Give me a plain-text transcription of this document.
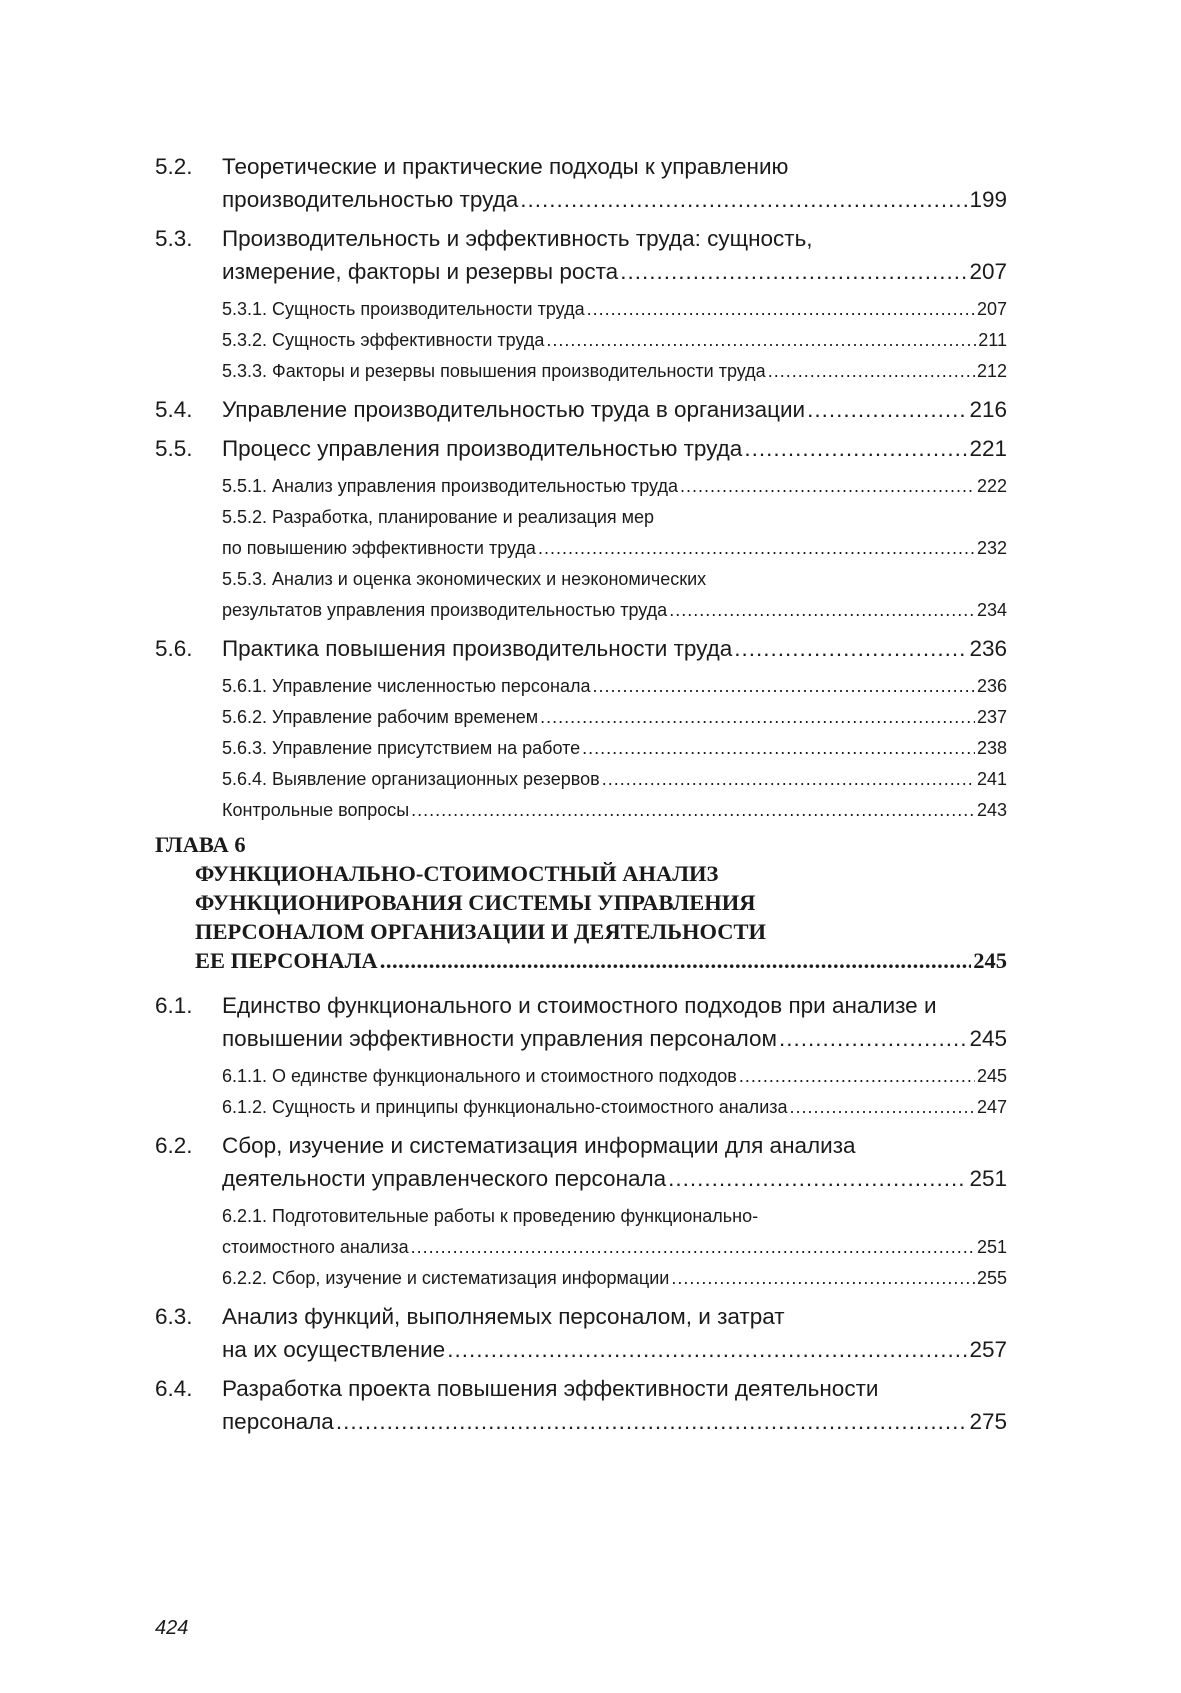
5.2. Теоретические и практические подходы к управлению
производительностью труда .....	199
5.3. Производительность и эффективность труда: сущность,
измерение, факторы и резервы роста .....	207
5.3.1. Сущность производительности труда .....	207
5.3.2. Сущность эффективности труда .....	211
5.3.3. Факторы и резервы повышения производительности труда .....	212
5.4. Управление производительностью труда в организации .....	216
5.5. Процесс управления производительностью труда .....	221
5.5.1. Анализ управления производительностью труда .....	222
5.5.2. Разработка, планирование и реализация мер
по повышению эффективности труда .....	232
5.5.3. Анализ и оценка экономических и неэкономических
результатов управления производительностью труда .....	234
5.6. Практика повышения производительности труда .....	236
5.6.1. Управление численностью персонала .....	236
5.6.2. Управление рабочим временем .....	237
5.6.3. Управление присутствием на работе .....	238
5.6.4. Выявление организационных резервов .....	241
Контрольные вопросы .....	243
ГЛАВА 6
ФУНКЦИОНАЛЬНО-СТОИМОСТНЫЙ АНАЛИЗ
ФУНКЦИОНИРОВАНИЯ СИСТЕМЫ УПРАВЛЕНИЯ
ПЕРСОНАЛОМ ОРГАНИЗАЦИИ И ДЕЯТЕЛЬНОСТИ
ЕЕ ПЕРСОНАЛА .....	245
6.1. Единство функционального и стоимостного подходов при анализе и
повышении эффективности управления персоналом .....	245
6.1.1. О единстве функционального и стоимостного подходов .....	245
6.1.2. Сущность и принципы функционально-стоимостного анализа .....	247
6.2. Сбор, изучение и систематизация информации для анализа
деятельности управленческого персонала .....	251
6.2.1. Подготовительные работы к проведению функционально-
стоимостного анализа .....	251
6.2.2. Сбор, изучение и систематизация информации .....	255
6.3. Анализ функций, выполняемых персоналом, и затрат
на их осуществление .....	257
6.4. Разработка проекта повышения эффективности деятельности
персонала .....	275
424
